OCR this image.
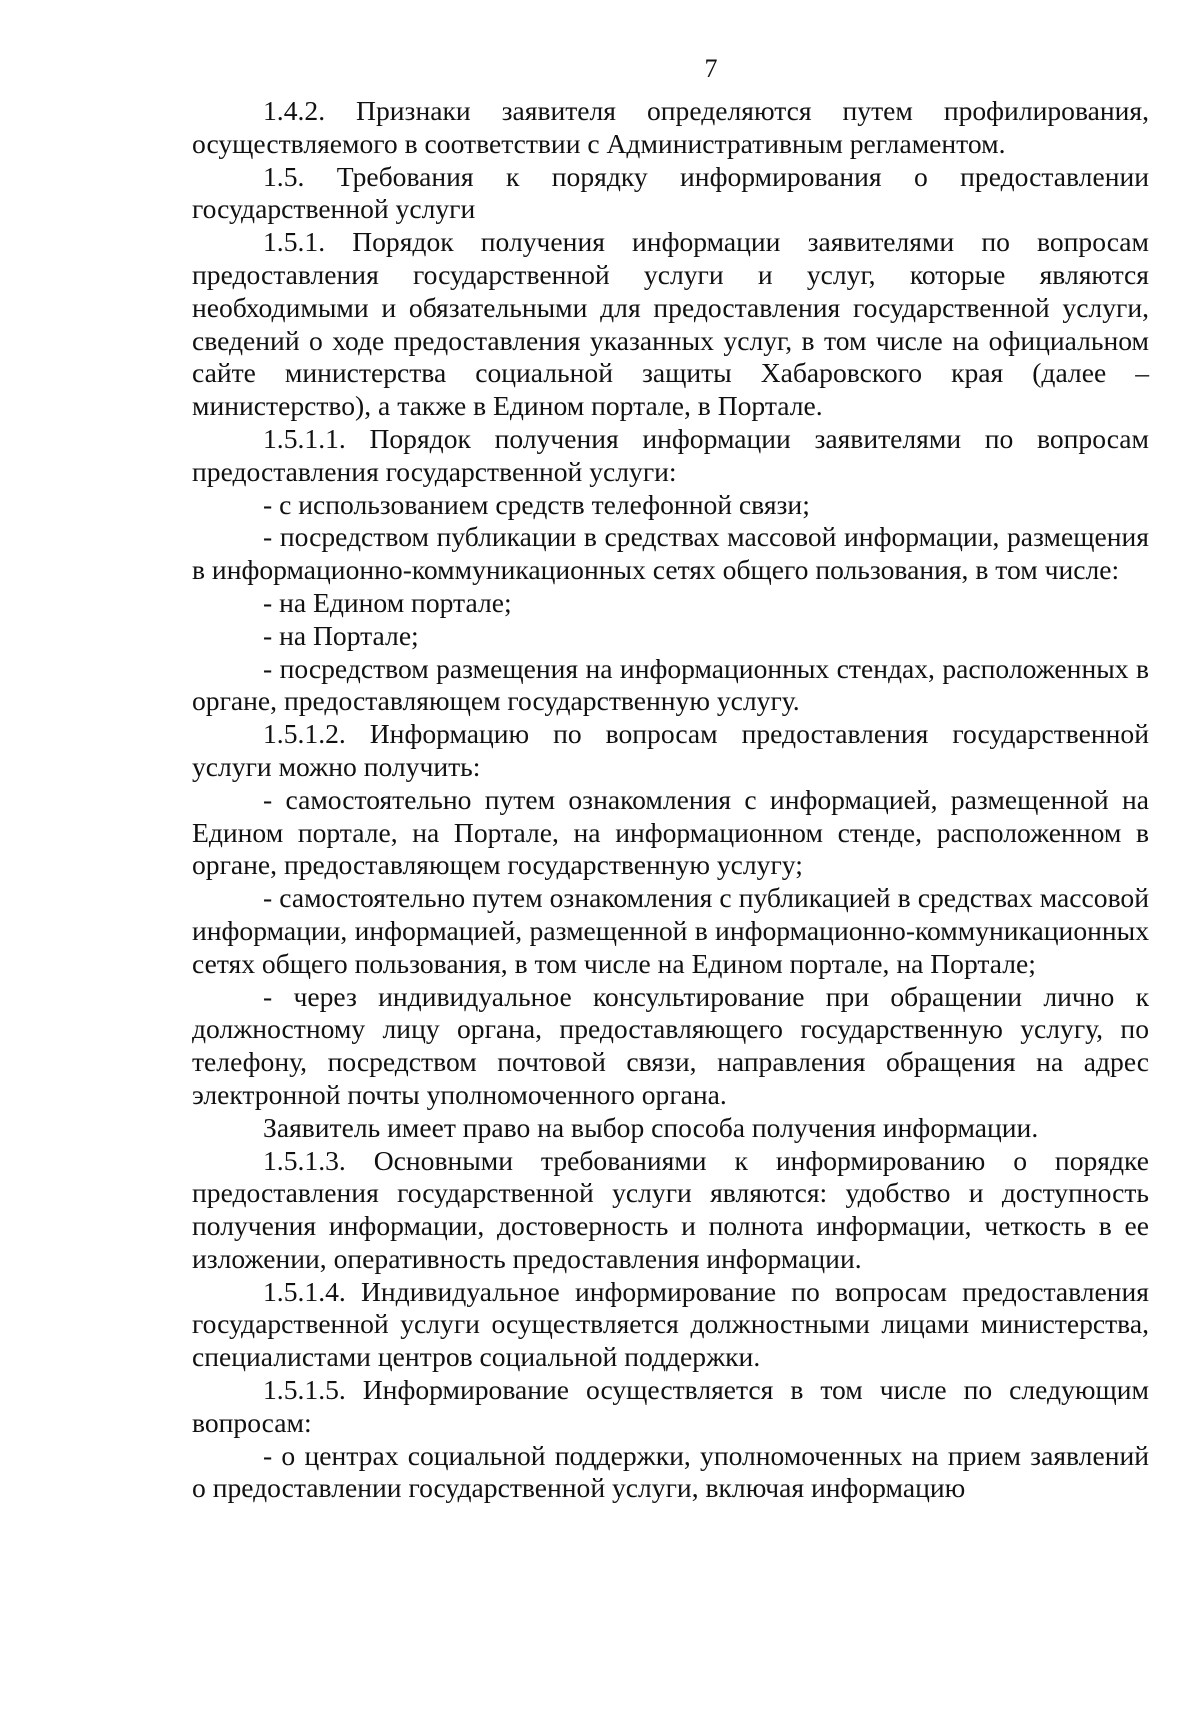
7

1.4.2. Признаки заявителя определяются путем профилирования, осуществляемого в соответствии с Административным регламентом.

1.5. Требования к порядку информирования о предоставлении государственной услуги

1.5.1. Порядок получения информации заявителями по вопросам предоставления государственной услуги и услуг, которые являются необходимыми и обязательными для предоставления государственной услуги, сведений о ходе предоставления указанных услуг, в том числе на официальном сайте министерства социальной защиты Хабаровского края (далее – министерство), а также в Едином портале, в Портале.

1.5.1.1. Порядок получения информации заявителями по вопросам предоставления государственной услуги:

- с использованием средств телефонной связи;

- посредством публикации в средствах массовой информации, размещения в информационно-коммуникационных сетях общего пользования, в том числе:

- на Едином портале;

- на Портале;

- посредством размещения на информационных стендах, расположенных в органе, предоставляющем государственную услугу.

1.5.1.2. Информацию по вопросам предоставления государственной услуги можно получить:

- самостоятельно путем ознакомления с информацией, размещенной на Едином портале, на Портале, на информационном стенде, расположенном в органе, предоставляющем государственную услугу;

- самостоятельно путем ознакомления с публикацией в средствах массовой информации, информацией, размещенной в информационно-коммуникационных сетях общего пользования, в том числе на Едином портале, на Портале;

- через индивидуальное консультирование при обращении лично к должностному лицу органа, предоставляющего государственную услугу, по телефону, посредством почтовой связи, направления обращения на адрес электронной почты уполномоченного органа.

Заявитель имеет право на выбор способа получения информации.

1.5.1.3. Основными требованиями к информированию о порядке предоставления государственной услуги являются: удобство и доступность получения информации, достоверность и полнота информации, четкость в ее изложении, оперативность предоставления информации.

1.5.1.4. Индивидуальное информирование по вопросам предоставления государственной услуги осуществляется должностными лицами министерства, специалистами центров социальной поддержки.

1.5.1.5. Информирование осуществляется в том числе по следующим вопросам:

- о центрах социальной поддержки, уполномоченных на прием заявлений о предоставлении государственной услуги, включая информацию
